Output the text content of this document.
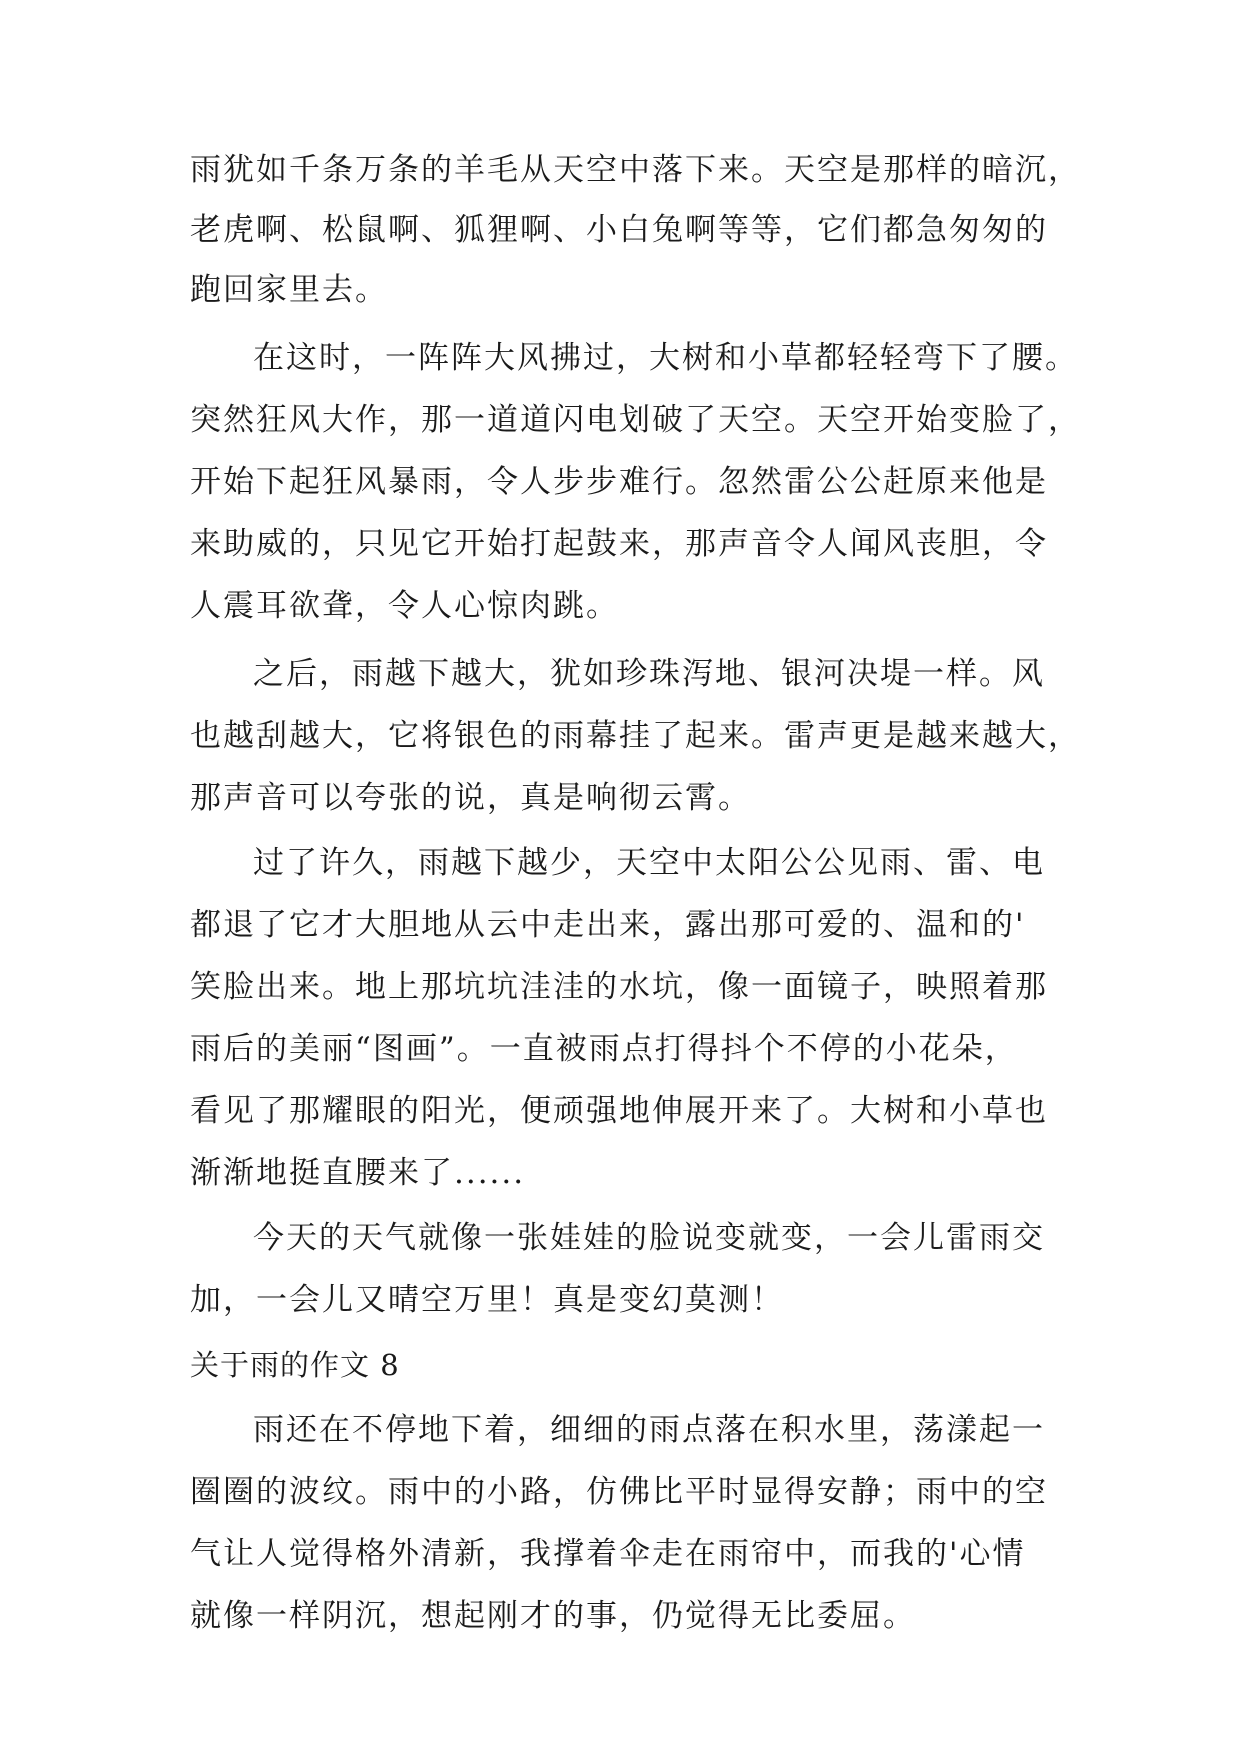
雨犹如千条万条的羊毛从天空中落下来。天空是那样的暗沉，
老虎啊、松鼠啊、狐狸啊、小白兔啊等等，它们都急匆匆的
跑回家里去。
在这时，一阵阵大风拂过，大树和小草都轻轻弯下了腰。
突然狂风大作，那一道道闪电划破了天空。天空开始变脸了，
开始下起狂风暴雨，令人步步难行。忽然雷公公赶原来他是
来助威的，只见它开始打起鼓来，那声音令人闻风丧胆，令
人震耳欲聋，令人心惊肉跳。
之后，雨越下越大，犹如珍珠泻地、银河决堤一样。风
也越刮越大，它将银色的雨幕挂了起来。雷声更是越来越大，
那声音可以夸张的说，真是响彻云霄。
过了许久，雨越下越少，天空中太阳公公见雨、雷、电
都退了它才大胆地从云中走出来，露出那可爱的、温和的'
笑脸出来。地上那坑坑洼洼的水坑，像一面镜子，映照着那
雨后的美丽“图画”。一直被雨点打得抖个不停的小花朵，
看见了那耀眼的阳光，便顽强地伸展开来了。大树和小草也
渐渐地挺直腰来了......
今天的天气就像一张娃娃的脸说变就变，一会儿雷雨交
加，一会儿又晴空万里！真是变幻莫测！
关于雨的作文 8
雨还在不停地下着，细细的雨点落在积水里，荡漾起一
圈圈的波纹。雨中的小路，仿佛比平时显得安静；雨中的空
气让人觉得格外清新，我撑着伞走在雨帘中，而我的'心情
就像一样阴沉，想起刚才的事，仍觉得无比委屈。
